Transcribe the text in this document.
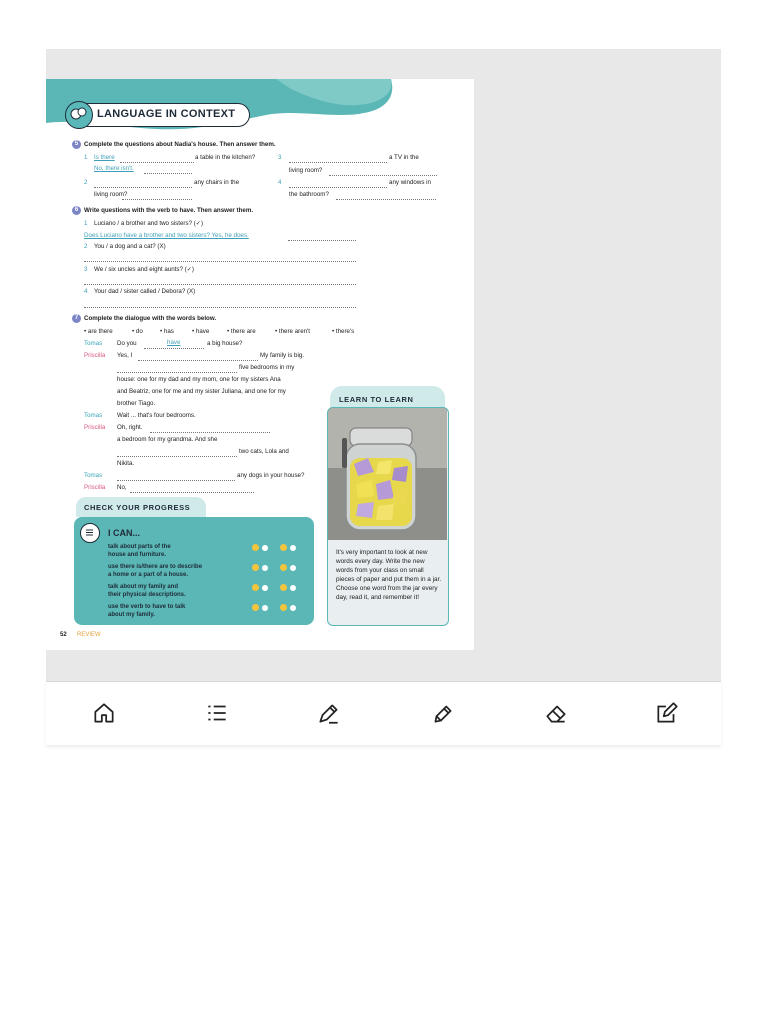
LANGUAGE IN CONTEXT
5 Complete the questions about Nadia's house. Then answer them.
1 Is there	a table in the kitchen?
No, there isn't.
2	any chairs in the
living room?
3	a TV in the
living room?
4	any windows in
the bathroom?
6 Write questions with the verb to have. Then answer them.
1 Luciano / a brother and two sisters? (✓)
Does Luciano have a brother and two sisters? Yes, he does.
2 You / a dog and a cat? (X)
3 We / six uncles and eight aunts? (✓)
4 Your dad / sister called / Debora? (X)
7 Complete the dialogue with the words below.
• are there	• do	• has	• have	• there are	• there aren't	• there's
Tomas Do you	have	a big house?
Priscilla Yes, I	My family is big.
five bedrooms in my
house: one for my dad and my mom, one for my sisters Ana
and Beatriz, one for me and my sister Juliana, and one for my
brother Tiago.
Tomas Wait ... that's four bedrooms.
Priscilla Oh, right.
a bedroom for my grandma. And she
two cats, Lola and
Nikita.
Tomas	any dogs in your house?
Priscilla No,
CHECK YOUR PROGRESS
I CAN...
talk about parts of the
house and furniture.
use there is/there are to describe
a home or a part of a house.
talk about my family and
their physical descriptions.
use the verb to have to talk
about my family.
LEARN TO LEARN
It's very important to look at new words every day. Write the new words from your class on small pieces of paper and put them in a jar. Choose one word from the jar every day, read it, and remember it!
52 REVIEW
